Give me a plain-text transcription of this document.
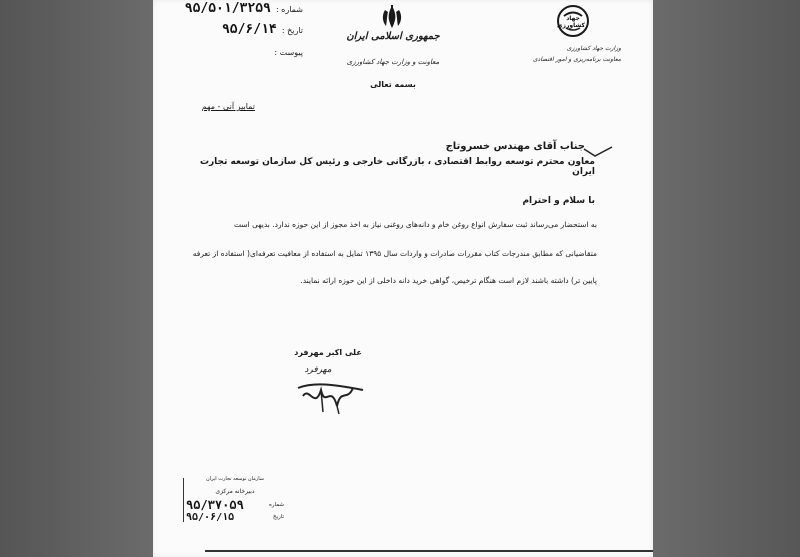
شماره : ۹۵/۵۰۱/۳۲۵۹
تاریخ : ۹۵/۶/۱۴
پیوست :
جمهوری اسلامی ایران
معاونت و وزارت جهاد کشاورزی
بسمه تعالی
جهاد کشاورزی
وزارت جهاد کشاورزی
معاونت برنامه‌ریزی و امور اقتصادی
تمابیر آنی - مهم
جناب آقای مهندس خسروتاج
معاون محترم توسعه روابط اقتصادی ، بازرگانی خارجی و رئیس کل سازمان توسعه تجارت ایران
با سلام و احترام
به استحضار می‌رساند ثبت سفارش انواع روغن خام و دانه‌های روغنی نیاز به اخذ مجوز از این حوزه ندارد. بدیهی است
متقاضیانی که مطابق مندرجات کتاب مقررات صادرات و واردات سال ۱۳۹۵ تمایل به استفاده از معافیت تعرفه‌ای( استفاده از تعرفه
پایین تر) داشته باشند لازم است هنگام ترخیص، گواهی خرید دانه داخلی از این حوزه ارائه نمایند.
علی اکبر مهرفرد
مهرفرد
سازمان توسعه تجارت ایران
دبیرخانه مرکزی
شماره
۹۵/۳۷۰۵۹
تاریخ
۹۵/۰۶/۱۵
